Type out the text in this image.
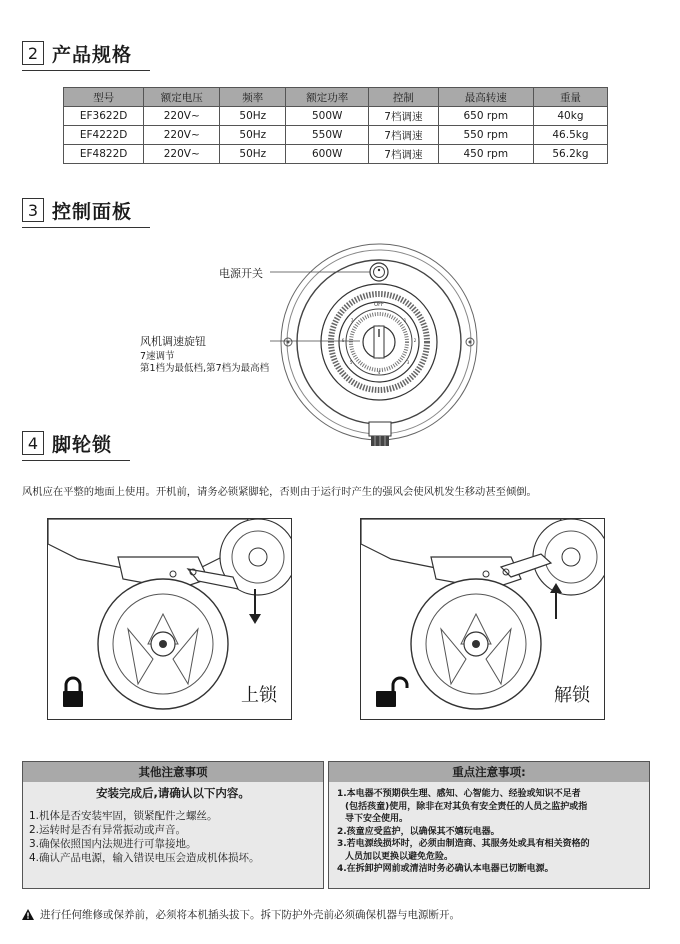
2 产品规格
型号	额定电压	频率	额定功率	控制	最高转速	重量
EF3622D	220V~	50Hz	500W	7档调速	650 rpm	40kg
EF4222D	220V~	50Hz	550W	7档调速	550 rpm	46.5kg
EF4822D	220V~	50Hz	600W	7档调速	450 rpm	56.2kg
3 控制面板
1
2
3
4
5
6
7
OFF
电源开关
风机调速旋钮
7速调节
第1档为最低档,第7档为最高档
4 脚轮锁
风机应在平整的地面上使用。开机前，请务必锁紧脚轮，否则由于运行时产生的强风会使风机发生移动甚至倾倒。
上锁	解锁
其他注意事项
安装完成后,请确认以下内容。
1.机体是否安装牢固，锁紧配件之螺丝。
2.运转时是否有异常振动或声音。
3.确保依照国内法规进行可靠接地。
4.确认产品电源，输入错误电压会造成机体损坏。
重点注意事项:
1.本电器不预期供生理、感知、心智能力、经验或知识不足者
(包括孩童)使用，除非在对其负有安全责任的人员之监护或指
导下安全使用。
2.孩童应受监护，以确保其不嬉玩电器。
3.若电源线损坏时，必须由制造商、其服务处或具有相关资格的
人员加以更换以避免危险。
4.在拆卸护网前或清洁时务必确认本电器已切断电源。
进行任何维修或保养前，必须将本机插头拔下。拆下防护外壳前必须确保机器与电源断开。
